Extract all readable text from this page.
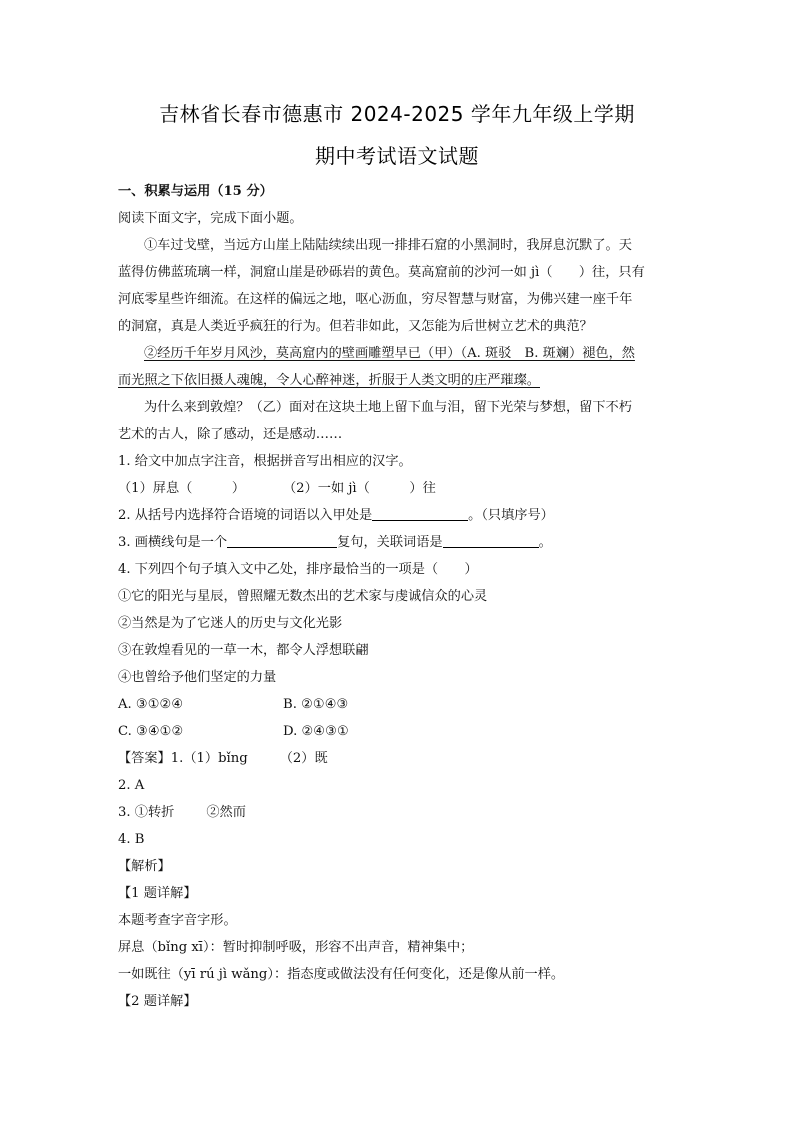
吉林省长春市德惠市 2024-2025 学年九年级上学期
期中考试语文试题

一、积累与运用（15 分）

阅读下面文字，完成下面小题。

①车过戈壁，当远方山崖上陆陆续续出现一排排石窟的小黑洞时，我屏息沉默了。天

蓝得仿佛蓝琉璃一样，洞窟山崖是砂砾岩的黄色。莫高窟前的沙河一如 jì（　　）往，只有

河底零星些许细流。在这样的偏远之地，呕心沥血，穷尽智慧与财富，为佛兴建一座千年

的洞窟，真是人类近乎疯狂的行为。但若非如此，又怎能为后世树立艺术的典范？

②经历千年岁月风沙，莫高窟内的壁画雕塑早已（甲）（A. 斑驳　B. 斑斓）褪色，然

而光照之下依旧摄人魂魄，令人心醉神迷，折服于人类文明的庄严璀璨。

为什么来到敦煌？（乙）面对在这块土地上留下血与泪，留下光荣与梦想，留下不朽

艺术的古人，除了感动，还是感动……

1. 给文中加点字注音，根据拼音写出相应的汉字。

（1）屏息（　　　）	（2）一如 jì（　　　）往

2. 从括号内选择符合语境的词语以入甲处是	。（只填序号）

3. 画横线句是一个	复句，关联词语是	。

4. 下列四个句子填入文中乙处，排序最恰当的一项是（　　）

①它的阳光与星辰，曾照耀无数杰出的艺术家与虔诚信众的心灵

②当然是为了它迷人的历史与文化光影

③在敦煌看见的一草一木，都令人浮想联翩

④也曾给予他们坚定的力量

A. ③①②④	B. ②①④③

C. ③④①②	D. ②④③①

【答案】1.（1）bǐng （2）既

2. A

3. ①转折 ②然而

4. B

【解析】

【1 题详解】

本题考查字音字形。

屏息（bǐng xī）：暂时抑制呼吸，形容不出声音，精神集中；

一如既往（yī rú jì wǎng）：指态度或做法没有任何变化，还是像从前一样。

【2 题详解】
